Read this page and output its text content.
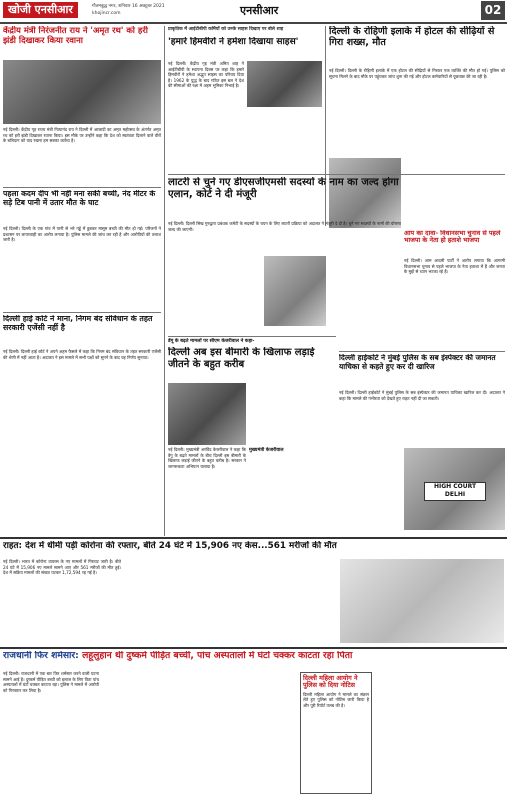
खोजी एनसीआर	गौतमबुद्ध नगर, शनिवार 16 अक्टूबर 2021
khojincr.com	एनसीआर	02
केंद्रीय मंत्री निरंजनीत राय ने 'अमृत रथ' को हरी झंडी दिखाकर किया रवाना
नई दिल्ली। केंद्रीय गृह राज्य मंत्री नित्यानंद राय ने दिल्ली में आजादी का अमृत महोत्सव के अंतर्गत अमृत रथ को हरी झंडी दिखाकर रवाना किया। इस मौके पर उन्होंने कहा कि देश को स्वतंत्रता दिलाने वाले वीरों के बलिदान को याद रखना हम सबका कर्तव्य है।
पहला कदम दीप भी नहीं मना सकी बच्ची, नंद मीटर के सड़े टिब पानी में उतार मौत के घाट
नई दिल्ली। दिल्ली के एक गांव में पानी से भरे गड्ढे में डूबकर मासूम बच्ची की मौत हो गई। परिजनों ने प्रशासन पर लापरवाही का आरोप लगाया है। पुलिस मामले की जांच कर रही है और आरोपियों की तलाश जारी है।
दिल्ली हाई कोर्ट ने माना, निगम बंद संविधान के तहत सरकारी एजेंसी नहीं है
नई दिल्ली। दिल्ली हाई कोर्ट ने अपने अहम फैसले में कहा कि निगम बंद संविधान के तहत सरकारी एजेंसी की श्रेणी में नहीं आता है। अदालत ने इस मामले में सभी पक्षों को सुनने के बाद यह निर्णय सुनाया।
प्राकृतिक में आईटीबीपी कर्मियों को उनके साहस दिखाए पर बोले शाह
'हमारे हिमवीरों ने हमेशा दिखाया साहस'
नई दिल्ली। केंद्रीय गृह मंत्री अमित शाह ने आईटीबीपी के स्थापना दिवस पर कहा कि हमारे हिमवीरों ने हमेशा अद्भुत साहस का परिचय दिया है। 1962 के युद्ध के बाद गठित इस बल ने देश की सीमाओं की रक्षा में अहम भूमिका निभाई है।
दिल्ली के रोहिणी इलाके में होटल की सीढ़ियों से गिरा शख्स, मौत
नई दिल्ली। दिल्ली के रोहिणी इलाके में एक होटल की सीढ़ियों से गिरकर एक व्यक्ति की मौत हो गई। पुलिस को सूचना मिलने के बाद मौके पर पहुंचकर जांच शुरू की गई और होटल कर्मचारियों से पूछताछ की जा रही है।
लाटरी से चुने गए डीएसजीएमसी सदस्यों के नाम का जल्द होगा एलान, कोर्ट ने दी मंजूरी
नई दिल्ली। दिल्ली सिख गुरुद्वारा प्रबंधक कमेटी के सदस्यों के चयन के लिए लाटरी प्रक्रिया को अदालत ने मंजूरी दे दी है। चुने गए सदस्यों के नामों की घोषणा जल्द की जाएगी।	आप का दावा- विधानसभा चुनाव से पहले भाजपा के नेता हो हताशे भाजपा
नई दिल्ली। आम आदमी पार्टी ने आरोप लगाया कि आगामी विधानसभा चुनाव से पहले भाजपा के नेता हताशा में हैं और जनता के मुद्दों से ध्यान भटका रहे हैं।
डेंगू के बढ़ते मामलों पर सीएम केजरीवाल ने कहा-
दिल्ली अब इस बीमारी के खिलाफ लड़ाई जीतने के बहुत करीब
नई दिल्ली। मुख्यमंत्री अरविंद केजरीवाल ने कहा कि डेंगू के बढ़ते मामलों के बीच दिल्ली इस बीमारी के खिलाफ लड़ाई जीतने के बहुत करीब है। सरकार ने जागरूकता अभियान चलाया है।
मुख्यमंत्री केजरीवाल
दिल्ली हाईकोर्ट ने मुंबई पुलिस के सब इंस्पेक्टर की जमानत याचिका से कहते हुए कर दी खारिज
नई दिल्ली। दिल्ली हाईकोर्ट ने मुंबई पुलिस के सब इंस्पेक्टर की जमानत याचिका खारिज कर दी। अदालत ने कहा कि मामले की गंभीरता को देखते हुए राहत नहीं दी जा सकती।
HIGH COURT
DELHI
राहत: देश में धीमी पड़ी कोरोना की रफ्तार, बीते 24 घंटे में 15,906 नए केस...561 मरीजों की मौत
नई दिल्ली। भारत में कोरोना वायरस के नए मामलों में गिरावट जारी है। बीते 24 घंटे में 15,906 नए मामले सामने आए और 561 मरीजों की मौत हुई। देश में सक्रिय मामलों की संख्या घटकर 1,72,594 रह गई है।
राजधानी फिर शर्मसार: लहूलुहान थी दुष्कर्म पीड़ित बच्ची, पांच अस्पतालों में घंटों चक्कर काटता रहा पिता
नई दिल्ली। राजधानी में एक बार फिर शर्मसार करने वाली घटना सामने आई है। दुष्कर्म पीड़ित बच्ची को इलाज के लिए पिता पांच अस्पतालों में घंटों चक्कर काटता रहा। पुलिस ने मामले में आरोपी को गिरफ्तार कर लिया है।
दिल्ली महिला आयोग ने पुलिस को दिया नोटिस
दिल्ली महिला आयोग ने मामले का संज्ञान लेते हुए पुलिस को नोटिस जारी किया है और पूरी रिपोर्ट तलब की है।
